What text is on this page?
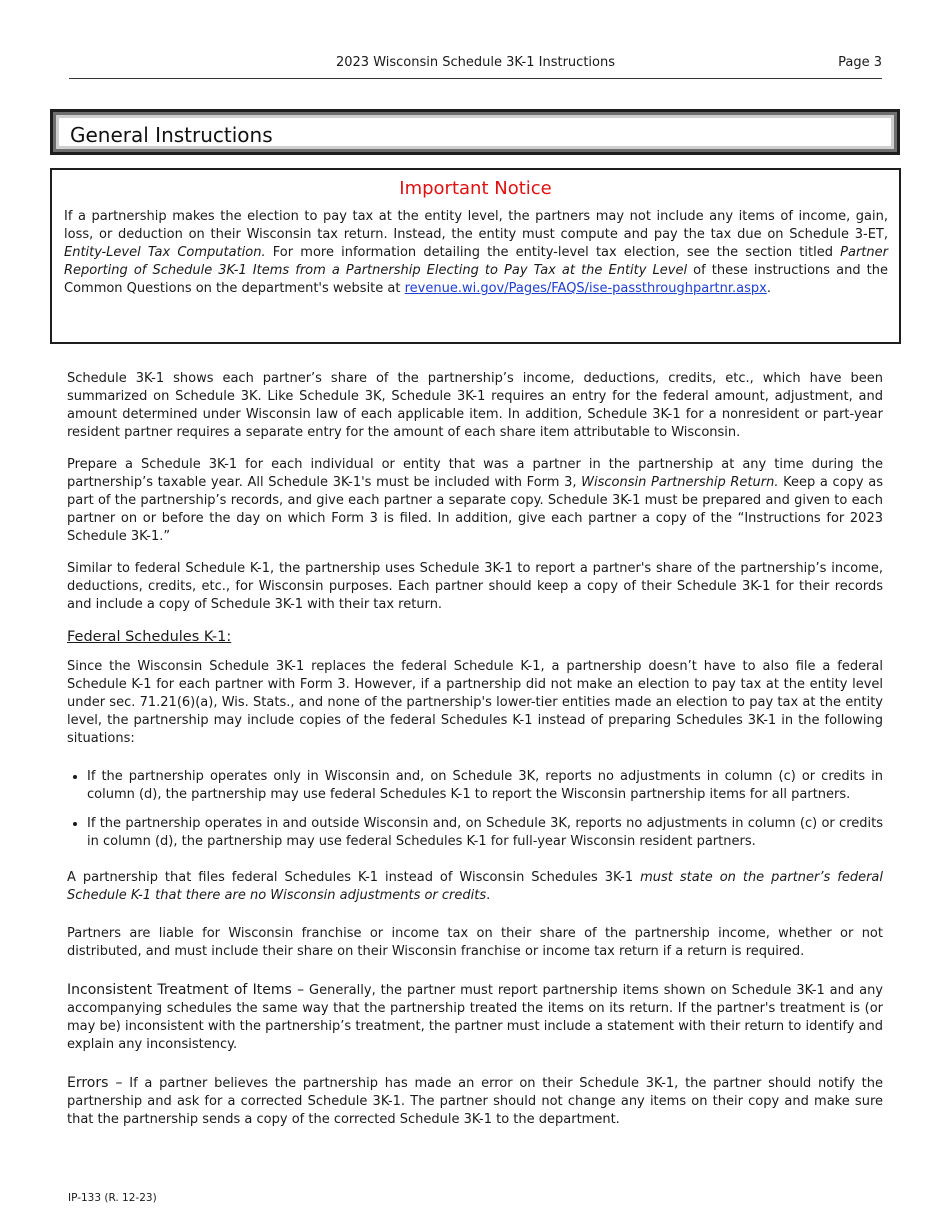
2023 Wisconsin Schedule 3K-1 Instructions	Page 3
General Instructions
Important Notice
If a partnership makes the election to pay tax at the entity level, the partners may not include any items of income, gain, loss, or deduction on their Wisconsin tax return. Instead, the entity must compute and pay the tax due on Schedule 3-ET, Entity-Level Tax Computation. For more information detailing the entity-level tax election, see the section titled Partner Reporting of Schedule 3K-1 Items from a Partnership Electing to Pay Tax at the Entity Level of these instructions and the Common Questions on the department's website at revenue.wi.gov/Pages/FAQS/ise-passthroughpartnr.aspx.

Schedule 3K-1 shows each partner’s share of the partnership’s income, deductions, credits, etc., which have been summarized on Schedule 3K. Like Schedule 3K, Schedule 3K-1 requires an entry for the federal amount, adjustment, and amount determined under Wisconsin law of each applicable item. In addition, Schedule 3K-1 for a nonresident or part-year resident partner requires a separate entry for the amount of each share item attributable to Wisconsin.

Prepare a Schedule 3K-1 for each individual or entity that was a partner in the partnership at any time during the partnership’s taxable year. All Schedule 3K-1's must be included with Form 3, Wisconsin Partnership Return. Keep a copy as part of the partnership’s records, and give each partner a separate copy. Schedule 3K-1 must be prepared and given to each partner on or before the day on which Form 3 is filed. In addition, give each partner a copy of the “Instructions for 2023 Schedule 3K-1.”

Similar to federal Schedule K-1, the partnership uses Schedule 3K-1 to report a partner's share of the partnership’s income, deductions, credits, etc., for Wisconsin purposes. Each partner should keep a copy of their Schedule 3K-1 for their records and include a copy of Schedule 3K-1 with their tax return.

Federal Schedules K-1:

Since the Wisconsin Schedule 3K-1 replaces the federal Schedule K-1, a partnership doesn’t have to also file a federal Schedule K-1 for each partner with Form 3. However, if a partnership did not make an election to pay tax at the entity level under sec. 71.21(6)(a), Wis. Stats., and none of the partnership's lower-tier entities made an election to pay tax at the entity level, the partnership may include copies of the federal Schedules K-1 instead of preparing Schedules 3K-1 in the following situations:

• If the partnership operates only in Wisconsin and, on Schedule 3K, reports no adjustments in column (c) or credits in column (d), the partnership may use federal Schedules K-1 to report the Wisconsin partnership items for all partners.
• If the partnership operates in and outside Wisconsin and, on Schedule 3K, reports no adjustments in column (c) or credits in column (d), the partnership may use federal Schedules K-1 for full-year Wisconsin resident partners.

A partnership that files federal Schedules K-1 instead of Wisconsin Schedules 3K-1 must state on the partner’s federal Schedule K-1 that there are no Wisconsin adjustments or credits.

Partners are liable for Wisconsin franchise or income tax on their share of the partnership income, whether or not distributed, and must include their share on their Wisconsin franchise or income tax return if a return is required.

Inconsistent Treatment of Items – Generally, the partner must report partnership items shown on Schedule 3K-1 and any accompanying schedules the same way that the partnership treated the items on its return. If the partner's treatment is (or may be) inconsistent with the partnership’s treatment, the partner must include a statement with their return to identify and explain any inconsistency.

Errors – If a partner believes the partnership has made an error on their Schedule 3K-1, the partner should notify the partnership and ask for a corrected Schedule 3K-1. The partner should not change any items on their copy and make sure that the partnership sends a copy of the corrected Schedule 3K-1 to the department.

IP-133 (R. 12-23)
